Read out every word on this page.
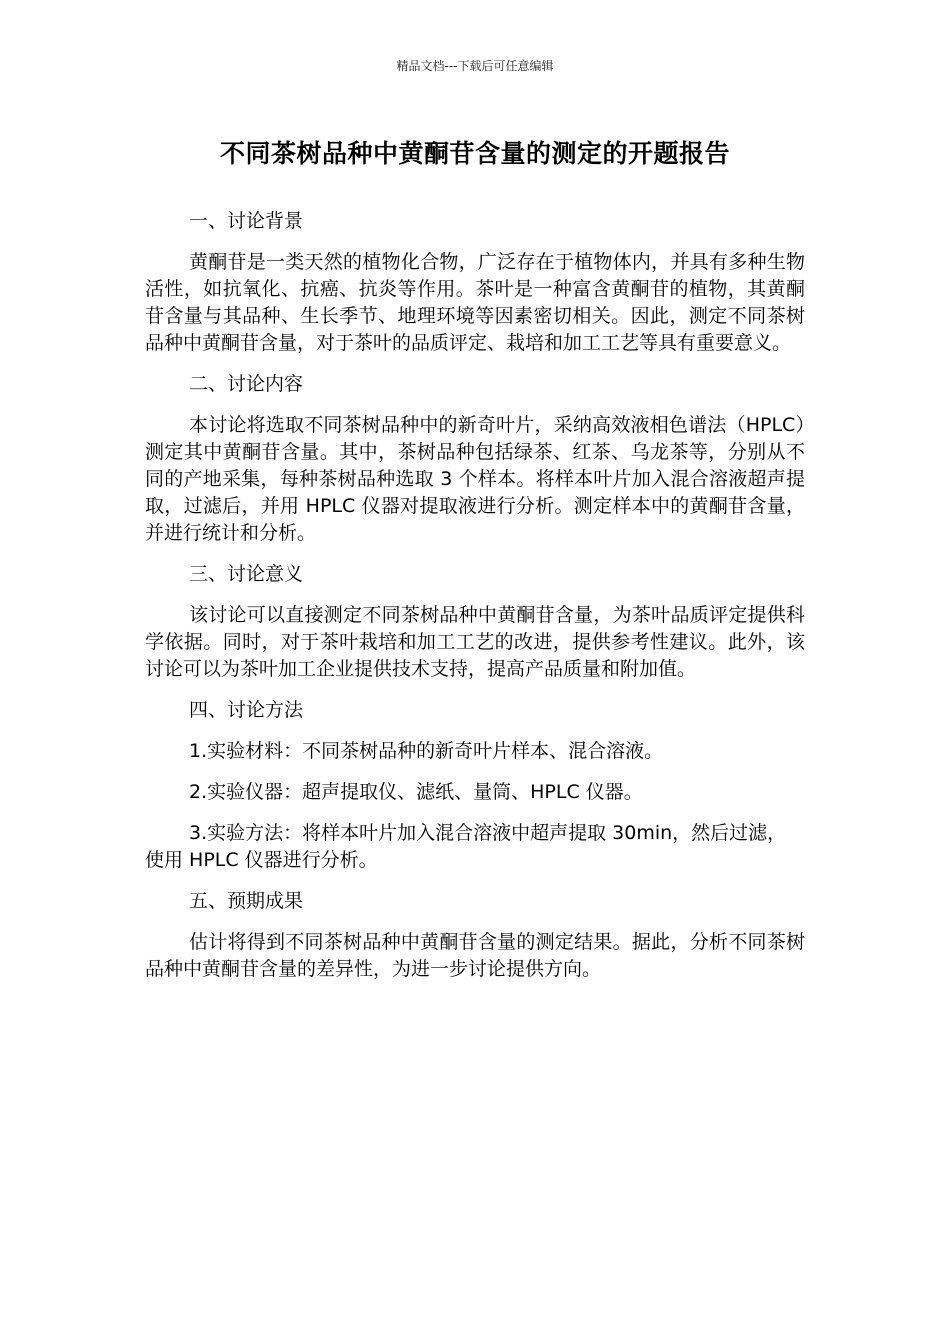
精品文档---下载后可任意编辑
不同茶树品种中黄酮苷含量的测定的开题报告
一、讨论背景

黄酮苷是一类天然的植物化合物，广泛存在于植物体内，并具有多种生物活性，如抗氧化、抗癌、抗炎等作用。茶叶是一种富含黄酮苷的植物，其黄酮苷含量与其品种、生长季节、地理环境等因素密切相关。因此，测定不同茶树品种中黄酮苷含量，对于茶叶的品质评定、栽培和加工工艺等具有重要意义。

二、讨论内容

本讨论将选取不同茶树品种中的新奇叶片，采纳高效液相色谱法（HPLC）测定其中黄酮苷含量。其中，茶树品种包括绿茶、红茶、乌龙茶等，分别从不同的产地采集，每种茶树品种选取 3 个样本。将样本叶片加入混合溶液超声提取，过滤后，并用 HPLC 仪器对提取液进行分析。测定样本中的黄酮苷含量，并进行统计和分析。

三、讨论意义

该讨论可以直接测定不同茶树品种中黄酮苷含量，为茶叶品质评定提供科学依据。同时，对于茶叶栽培和加工工艺的改进，提供参考性建议。此外，该讨论可以为茶叶加工企业提供技术支持，提高产品质量和附加值。

四、讨论方法

1.实验材料：不同茶树品种的新奇叶片样本、混合溶液。

2.实验仪器：超声提取仪、滤纸、量筒、HPLC 仪器。

3.实验方法：将样本叶片加入混合溶液中超声提取 30min，然后过滤，使用 HPLC 仪器进行分析。

五、预期成果

估计将得到不同茶树品种中黄酮苷含量的测定结果。据此，分析不同茶树品种中黄酮苷含量的差异性，为进一步讨论提供方向。
